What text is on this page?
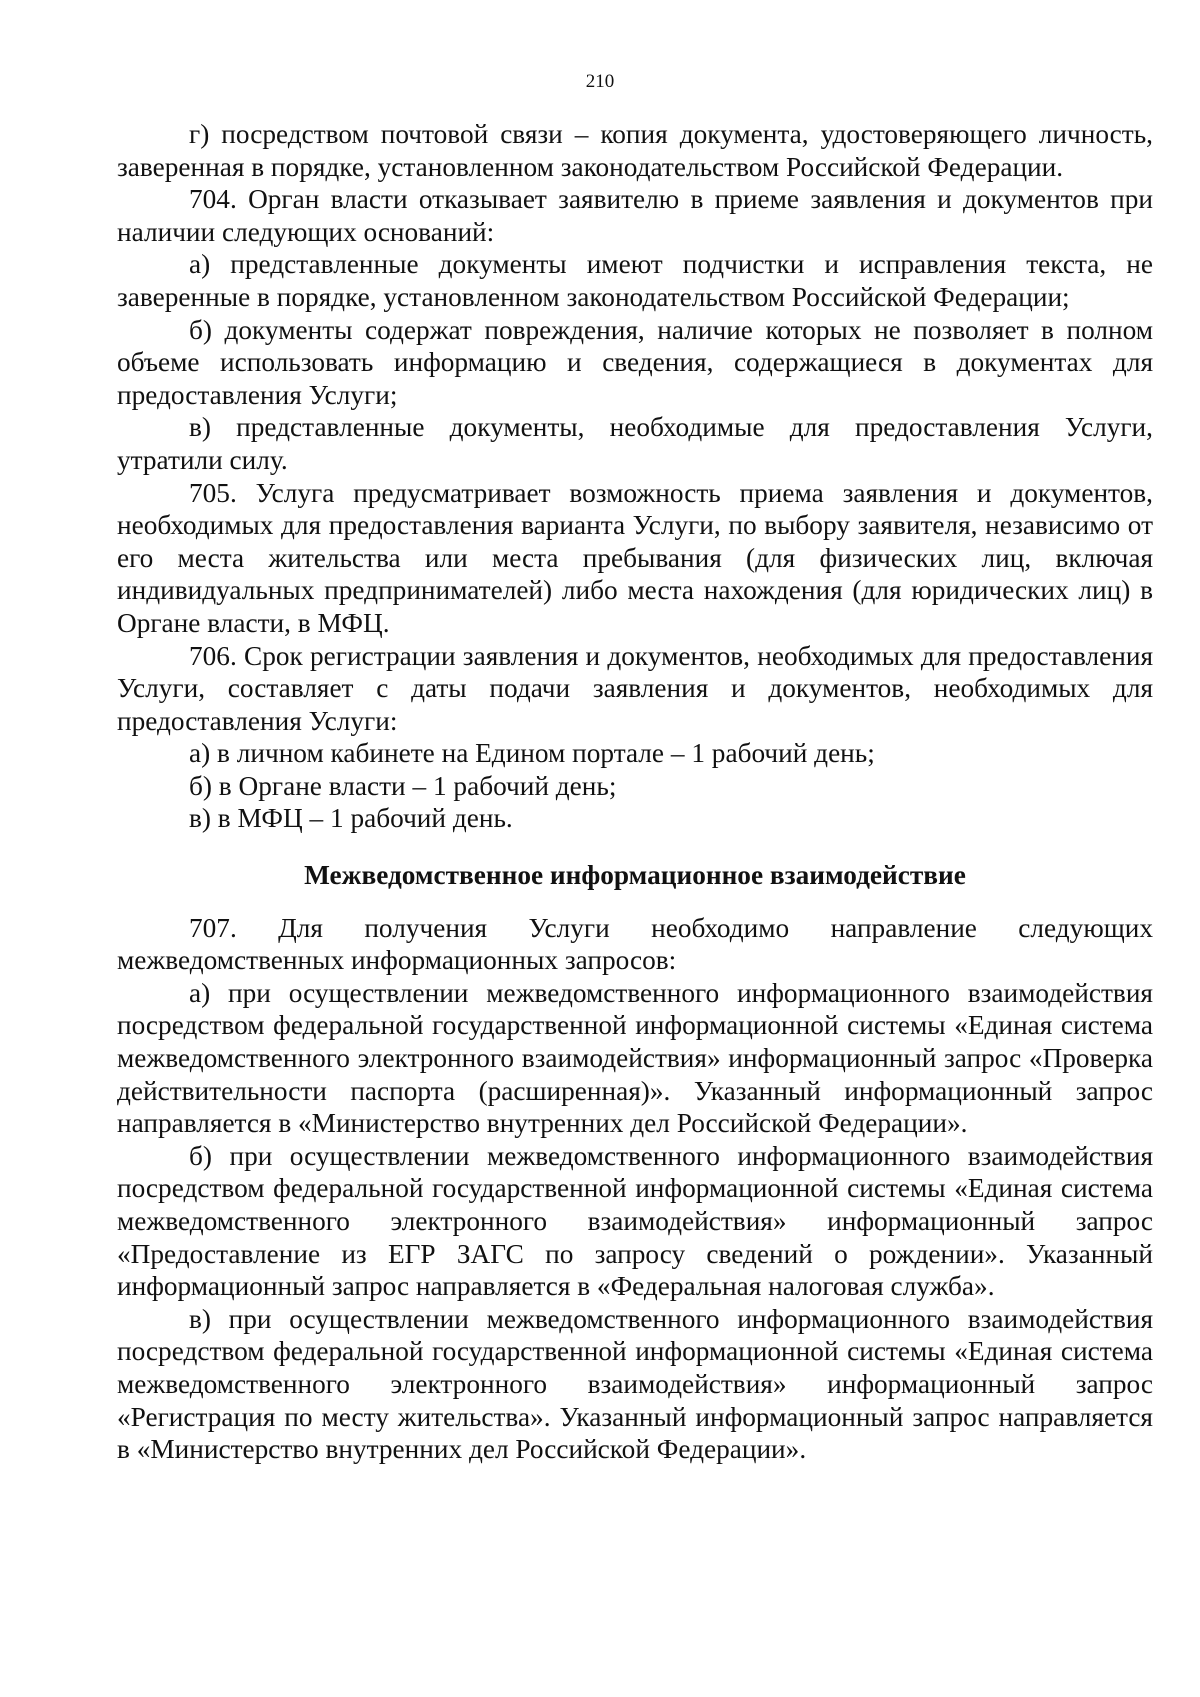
210

г) посредством почтовой связи – копия документа, удостоверяющего личность, заверенная в порядке, установленном законодательством Российской Федерации.

704. Орган власти отказывает заявителю в приеме заявления и документов при наличии следующих оснований:

а) представленные документы имеют подчистки и исправления текста, не заверенные в порядке, установленном законодательством Российской Федерации;

б) документы содержат повреждения, наличие которых не позволяет в полном объеме использовать информацию и сведения, содержащиеся в документах для предоставления Услуги;

в) представленные документы, необходимые для предоставления Услуги, утратили силу.

705. Услуга предусматривает возможность приема заявления и документов, необходимых для предоставления варианта Услуги, по выбору заявителя, независимо от его места жительства или места пребывания (для физических лиц, включая индивидуальных предпринимателей) либо места нахождения (для юридических лиц) в Органе власти, в МФЦ.

706. Срок регистрации заявления и документов, необходимых для предоставления Услуги, составляет с даты подачи заявления и документов, необходимых для предоставления Услуги:

а) в личном кабинете на Едином портале – 1 рабочий день;

б) в Органе власти – 1 рабочий день;

в) в МФЦ – 1 рабочий день.

Межведомственное информационное взаимодействие

707. Для получения Услуги необходимо направление следующих межведомственных информационных запросов:

а) при осуществлении межведомственного информационного взаимодействия посредством федеральной государственной информационной системы «Единая система межведомственного электронного взаимодействия» информационный запрос «Проверка действительности паспорта (расширенная)». Указанный информационный запрос направляется в «Министерство внутренних дел Российской Федерации».

б) при осуществлении межведомственного информационного взаимодействия посредством федеральной государственной информационной системы «Единая система межведомственного электронного взаимодействия» информационный запрос «Предоставление из ЕГР ЗАГС по запросу сведений о рождении». Указанный информационный запрос направляется в «Федеральная налоговая служба».

в) при осуществлении межведомственного информационного взаимодействия посредством федеральной государственной информационной системы «Единая система межведомственного электронного взаимодействия» информационный запрос «Регистрация по месту жительства». Указанный информационный запрос направляется в «Министерство внутренних дел Российской Федерации».
